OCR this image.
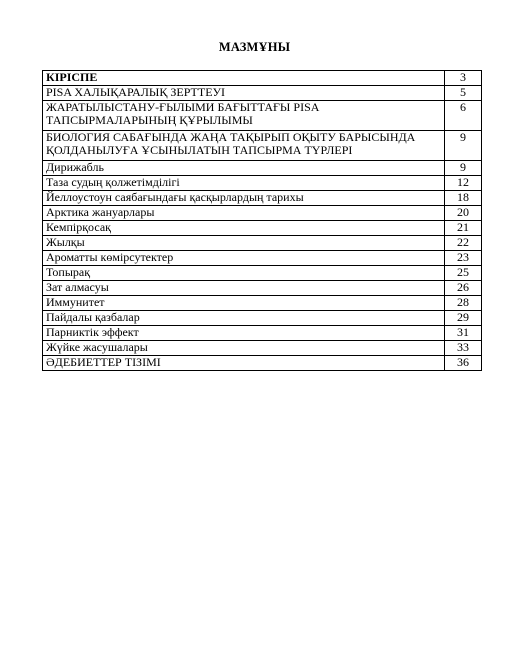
МАЗМҰНЫ
КІРІСПЕ	3
PISA ХАЛЫҚАРАЛЫҚ ЗЕРТТЕУІ	5
ЖАРАТЫЛЫСТАНУ-ҒЫЛЫМИ БАҒЫТТАҒЫ PISA ТАПСЫРМАЛАРЫНЫҢ ҚҰРЫЛЫМЫ	6
БИОЛОГИЯ САБАҒЫНДА ЖАҢА ТАҚЫРЫП ОҚЫТУ БАРЫСЫНДА ҚОЛДАНЫЛУҒА ҰСЫНЫЛАТЫН ТАПСЫРМА ТҮРЛЕРІ	9
Дирижабль	9
Таза судың қолжетімділігі	12
Йеллоустоун саябағындағы қасқырлардың тарихы	18
Арктика жануарлары	20
Кемпірқосақ	21
Жылқы	22
Ароматты көмірсутектер	23
Топырақ	25
Зат алмасуы	26
Иммунитет	28
Пайдалы қазбалар	29
Парниктік эффект	31
Жүйке жасушалары	33
ӘДЕБИЕТТЕР ТІЗІМІ	36
